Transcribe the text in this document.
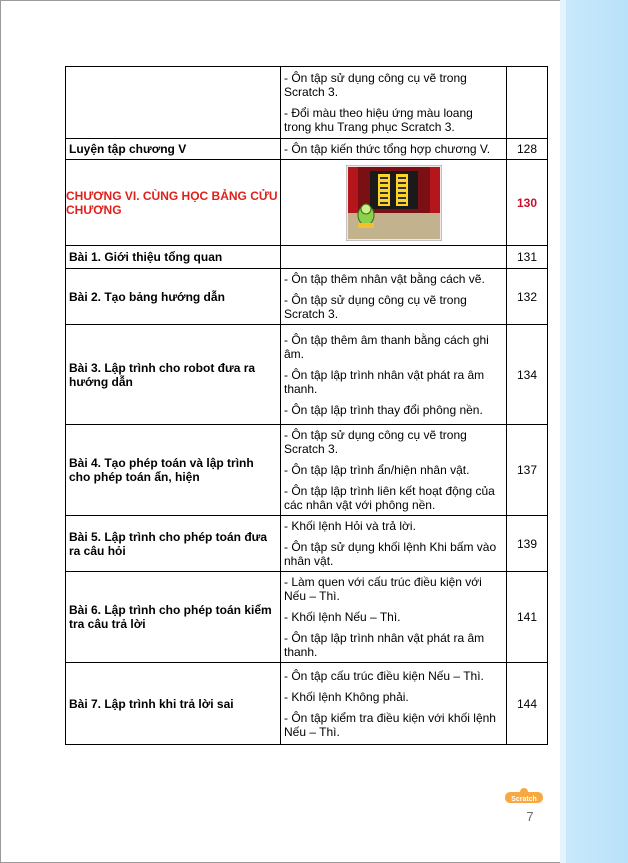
	- Ôn tập sử dụng công cụ vẽ trong Scratch 3.

- Đổi màu theo hiệu ứng màu loang trong khu Trang phục Scratch 3.	

Luyện tập chương V	- Ôn tập kiến thức tổng hợp chương V.	128
CHƯƠNG VI. CÙNG HỌC BẢNG CỬU CHƯƠNG		130
Bài 1. Giới thiệu tổng quan		131
Bài 2. Tạo bảng hướng dẫn	- Ôn tập thêm nhân vật bằng cách vẽ.

- Ôn tập sử dụng công cụ vẽ trong Scratch 3.	132
Bài 3. Lập trình cho robot đưa ra hướng dẫn	- Ôn tập thêm âm thanh bằng cách ghi âm.

- Ôn tập lập trình nhân vật phát ra âm thanh.

- Ôn tập lập trình thay đổi phông nền.	134
Bài 4. Tạo phép toán và lập trình cho phép toán ẩn, hiện	- Ôn tập sử dụng công cụ vẽ trong Scratch 3.

- Ôn tập lập trình ẩn/hiện nhân vật.

- Ôn tập lập trình liên kết hoạt động của các nhân vật với phông nền.	137
Bài 5. Lập trình cho phép toán đưa ra câu hỏi	- Khối lệnh Hỏi và trả lời.

- Ôn tập sử dụng khối lệnh Khi bấm vào nhân vật.	139
Bài 6. Lập trình cho phép toán kiểm tra câu trả lời	- Làm quen với cấu trúc điều kiện với Nếu – Thì.

- Khối lệnh Nếu – Thì.

- Ôn tập lập trình nhân vật phát ra âm thanh.	141
Bài 7. Lập trình khi trả lời sai	- Ôn tập cấu trúc điều kiện Nếu – Thì.

- Khối lệnh Không phải.

- Ôn tập kiểm tra điều kiện với khối lệnh Nếu – Thì.	144
Scratch
7
